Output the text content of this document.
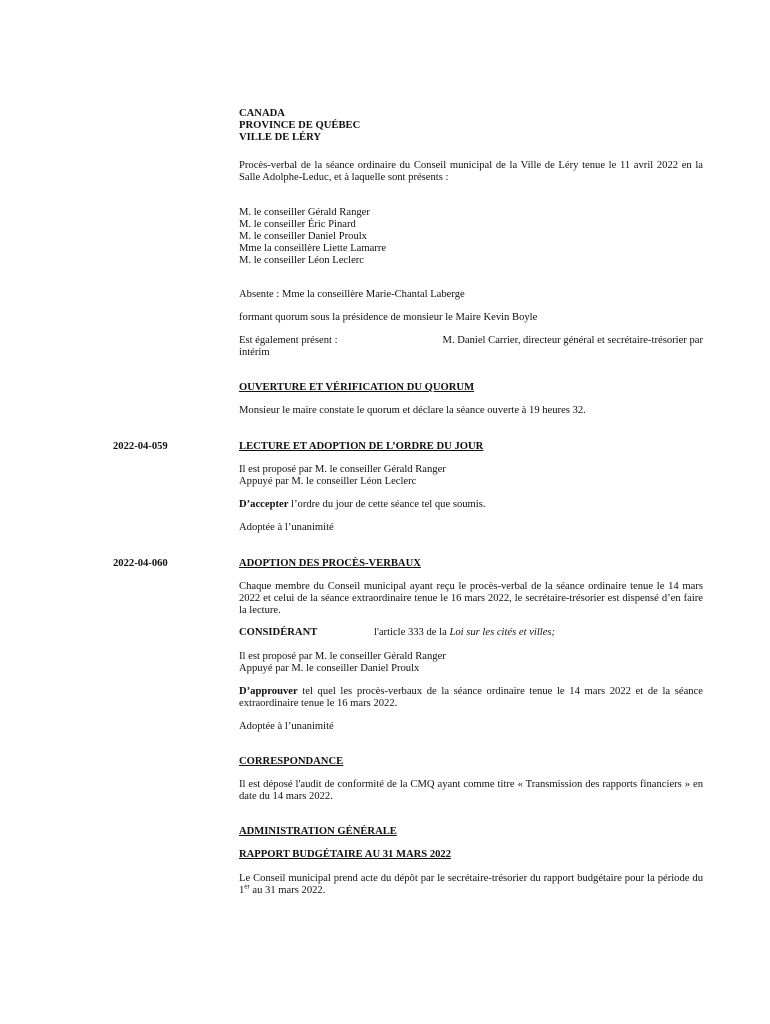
CANADA
PROVINCE DE QUÉBEC
VILLE DE LÉRY
Procès-verbal de la séance ordinaire du Conseil municipal de la Ville de Léry tenue le 11 avril 2022 en la Salle Adolphe-Leduc, et à laquelle sont présents :
M. le conseiller Gérald Ranger
M. le conseiller Éric Pinard
M. le conseiller Daniel Proulx
Mme la conseillère Liette Lamarre
M. le conseiller Léon Leclerc
Absente : Mme la conseillère Marie-Chantal Laberge
formant quorum sous la présidence de monsieur le Maire Kevin Boyle
Est également présent :	M. Daniel Carrier, directeur général et secrétaire-trésorier par
intérim
OUVERTURE ET VÉRIFICATION DU QUORUM
Monsieur le maire constate le quorum et déclare la séance ouverte à 19 heures 32.
2022-04-059	LECTURE ET ADOPTION DE L’ORDRE DU JOUR
Il est proposé par M. le conseiller Gérald Ranger
Appuyé par M. le conseiller Léon Leclerc
D’accepter l’ordre du jour de cette séance tel que soumis.
Adoptée à l’unanimité
2022-04-060	ADOPTION DES PROCÈS-VERBAUX
Chaque membre du Conseil municipal ayant reçu le procès-verbal de la séance ordinaire tenue le 14 mars 2022 et celui de la séance extraordinaire tenue le 16 mars 2022, le secrétaire-trésorier est dispensé d’en faire la lecture.
CONSIDÉRANT	l'article 333 de la Loi sur les cités et villes;
Il est proposé par M. le conseiller Gérald Ranger
Appuyé par M. le conseiller Daniel Proulx
D’approuver tel quel les procès-verbaux de la séance ordinaire tenue le 14 mars 2022 et de la séance extraordinaire tenue le 16 mars 2022.
Adoptée à l’unanimité
CORRESPONDANCE
Il est déposé l'audit de conformité de la CMQ ayant comme titre « Transmission des rapports financiers » en date du 14 mars 2022.
ADMINISTRATION GÉNÉRALE
RAPPORT BUDGÉTAIRE AU 31 MARS 2022
Le Conseil municipal prend acte du dépôt par le secrétaire-trésorier du rapport budgétaire pour la période du 1er au 31 mars 2022.
